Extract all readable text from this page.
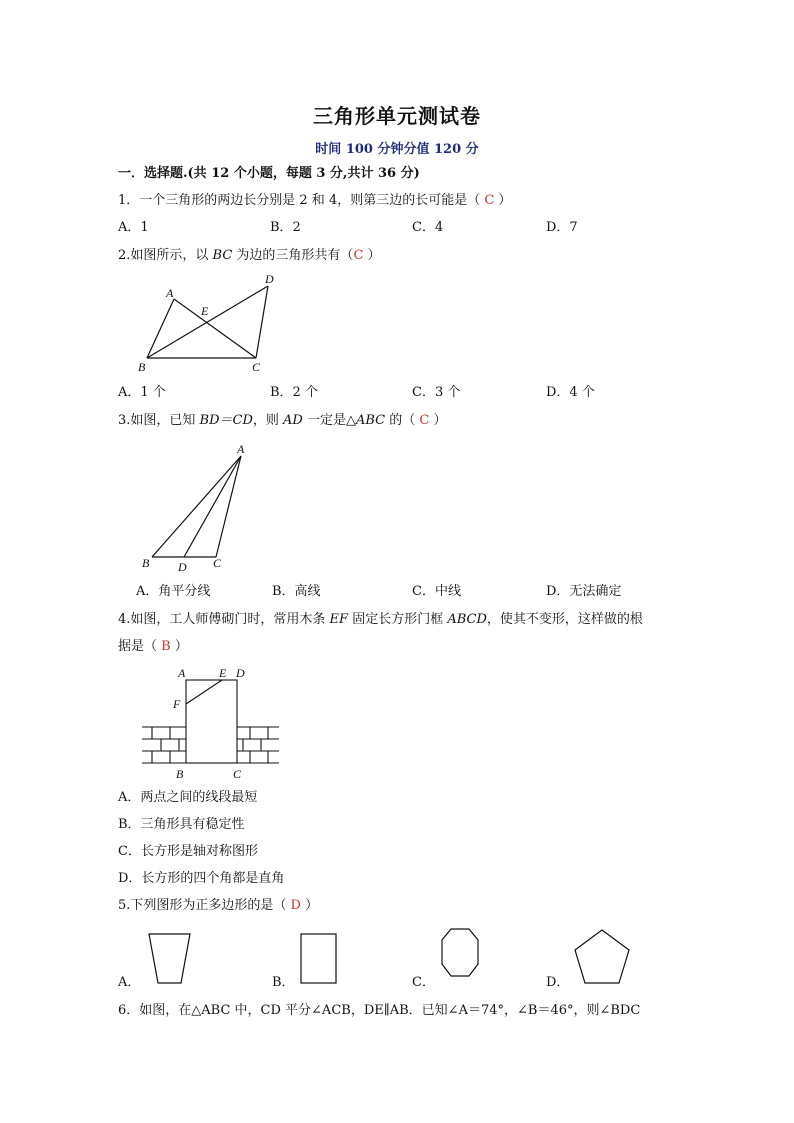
三角形单元测试卷
时间 100 分钟分值 120 分
一．选择题.(共 12 个小题，每题 3 分,共计 36 分)
1．一个三角形的两边长分别是 2 和 4，则第三边的长可能是（ C ）
A．1	B．2	C．4	D．7
2.如图所示，以 BC 为边的三角形共有（C ）
A
B	C
D
E
A．1 个	B．2 个	C．3 个	D．4 个
3.如图，已知 BD＝CD，则 AD 一定是△ABC 的（ C ）
A
B	C
D
A．角平分线	B．高线	C．中线	D．无法确定
4.如图，工人师傅砌门时，常用木条 EF 固定长方形门框 ABCD，使其不变形，这样做的根
据是（ B ）
A	E D
F
B	C
A．两点之间的线段最短
B．三角形具有稳定性
C．长方形是轴对称图形
D．长方形的四个角都是直角
5.下列图形为正多边形的是（ D ）
A．	B．	C．	D．
6．如图，在△ABC 中，CD 平分∠ACB，DE∥AB．已知∠A＝74°，∠B＝46°，则∠BDC
